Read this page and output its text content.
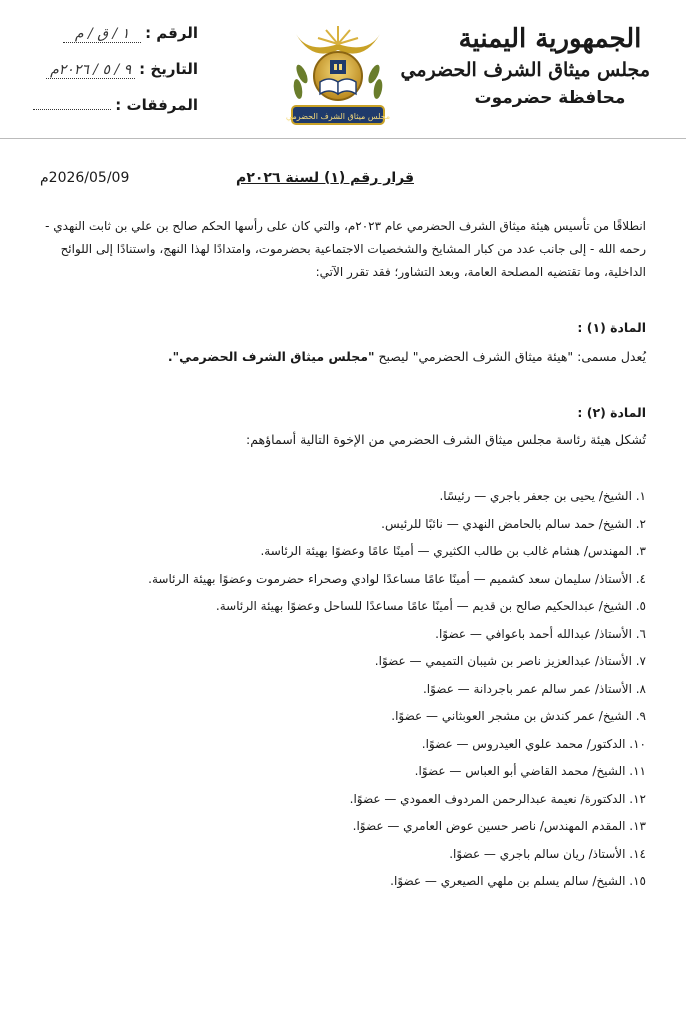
الجمهورية اليمنية
مجلس ميثاق الشرف الحضرمي
محافظة حضرموت
مجلس ميثاق الشرف الحضرمي
الرقم :
١ / ق / م
التاريخ :
٩ / ٥ / ٢٠٢٦م
المرفقات :
قرار رقم (١) لسنة ٢٠٢٦م
2026/05/09م
انطلاقًا من تأسيس هيئة ميثاق الشرف الحضرمي عام ٢٠٢٣م، والتي كان على رأسها الحكم صالح بن علي بن ثابت النهدي - رحمه الله - إلى جانب عدد من كبار المشايخ والشخصيات الاجتماعية بحضرموت، وامتدادًا لهذا النهج، واستنادًا إلى اللوائح الداخلية، وما تقتضيه المصلحة العامة، وبعد التشاور؛ فقد تقرر الآتي:
المادة (١) :
يُعدل مسمى: "هيئة ميثاق الشرف الحضرمي" ليصبح "مجلس ميثاق الشرف الحضرمي".
المادة (٢) :
تُشكل هيئة رئاسة مجلس ميثاق الشرف الحضرمي من الإخوة التالية أسماؤهم:
١. الشيخ/ يحيى بن جعفر باجري — رئيسًا.
٢. الشيخ/ حمد سالم بالحامض النهدي — نائبًا للرئيس.
٣. المهندس/ هشام غالب بن طالب الكثيري — أمينًا عامًا وعضوًا بهيئة الرئاسة.
٤. الأستاذ/ سليمان سعد كشميم — أمينًا عامًا مساعدًا لوادي وصحراء حضرموت وعضوًا بهيئة الرئاسة.
٥. الشيخ/ عبدالحكيم صالح بن قديم — أمينًا عامًا مساعدًا للساحل وعضوًا بهيئة الرئاسة.
٦. الأستاذ/ عبدالله أحمد باعوافي — عضوًا.
٧. الأستاذ/ عبدالعزيز ناصر بن شيبان التميمي — عضوًا.
٨. الأستاذ/ عمر سالم عمر باجردانة — عضوًا.
٩. الشيخ/ عمر كندش بن مشجر العوبثاني — عضوًا.
١٠. الدكتور/ محمد علوي العيدروس — عضوًا.
١١. الشيخ/ محمد القاضي أبو العباس — عضوًا.
١٢. الدكتورة/ نعيمة عبدالرحمن المردوف العمودي — عضوًا.
١٣. المقدم المهندس/ ناصر حسين عوض العامري — عضوًا.
١٤. الأستاذ/ ريان سالم باجري — عضوًا.
١٥. الشيخ/ سالم يسلم بن ملهي الصيعري — عضوًا.
